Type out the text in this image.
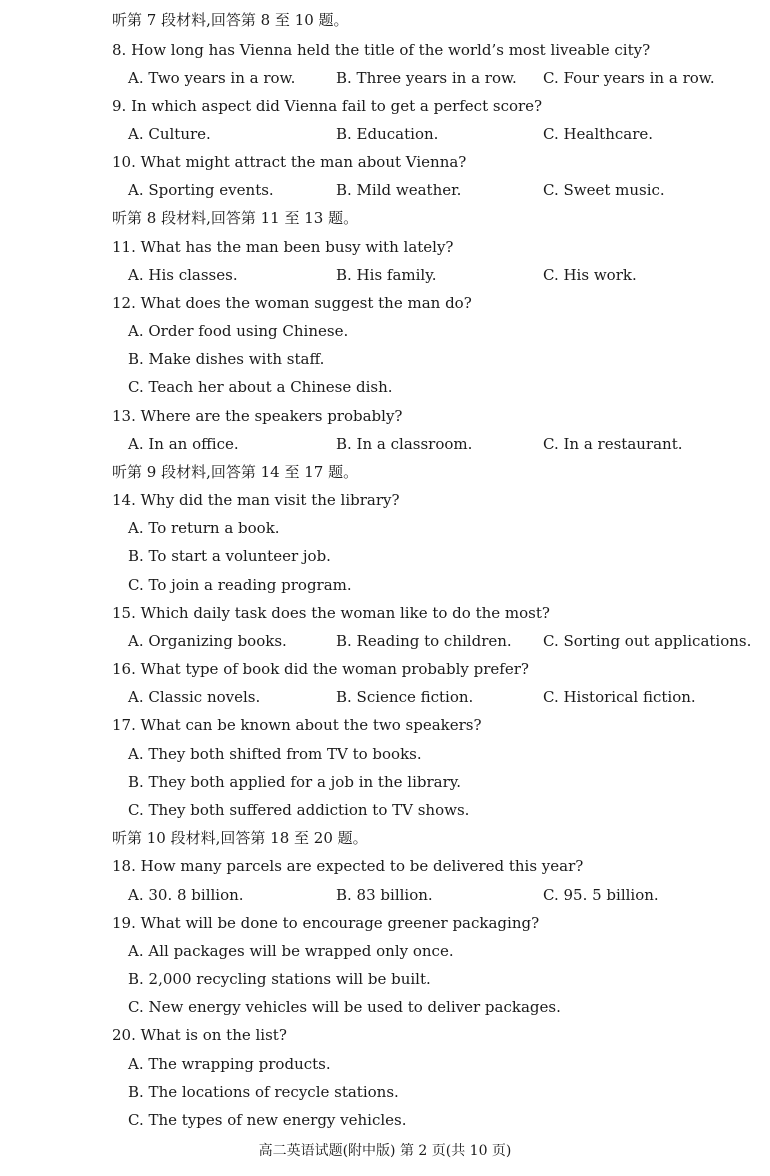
听第 7 段材料,回答第 8 至 10 题。
8. How long has Vienna held the title of the world’s most liveable city?
A. Two years in a row.	B. Three years in a row. C. Four years in a row.
9. In which aspect did Vienna fail to get a perfect score?
A. Culture.	B. Education.	C. Healthcare.
10. What might attract the man about Vienna?
A. Sporting events.	B. Mild weather.	C. Sweet music.
听第 8 段材料,回答第 11 至 13 题。
11. What has the man been busy with lately?
A. His classes.	B. His family.	C. His work.
12. What does the woman suggest the man do?
A. Order food using Chinese.
B. Make dishes with staff.
C. Teach her about a Chinese dish.
13. Where are the speakers probably?
A. In an office.	B. In a classroom.	C. In a restaurant.
听第 9 段材料,回答第 14 至 17 题。
14. Why did the man visit the library?
A. To return a book.
B. To start a volunteer job.
C. To join a reading program.
15. Which daily task does the woman like to do the most?
A. Organizing books.	B. Reading to children. C. Sorting out applications.
16. What type of book did the woman probably prefer?
A. Classic novels.	B. Science fiction.	C. Historical fiction.
17. What can be known about the two speakers?
A. They both shifted from TV to books.
B. They both applied for a job in the library.
C. They both suffered addiction to TV shows.
听第 10 段材料,回答第 18 至 20 题。
18. How many parcels are expected to be delivered this year?
A. 30. 8 billion.	B. 83 billion.	C. 95. 5 billion.
19. What will be done to encourage greener packaging?
A. All packages will be wrapped only once.
B. 2,000 recycling stations will be built.
C. New energy vehicles will be used to deliver packages.
20. What is on the list?
A. The wrapping products.
B. The locations of recycle stations.
C. The types of new energy vehicles.
高二英语试题(附中版) 第 2 页(共 10 页)
